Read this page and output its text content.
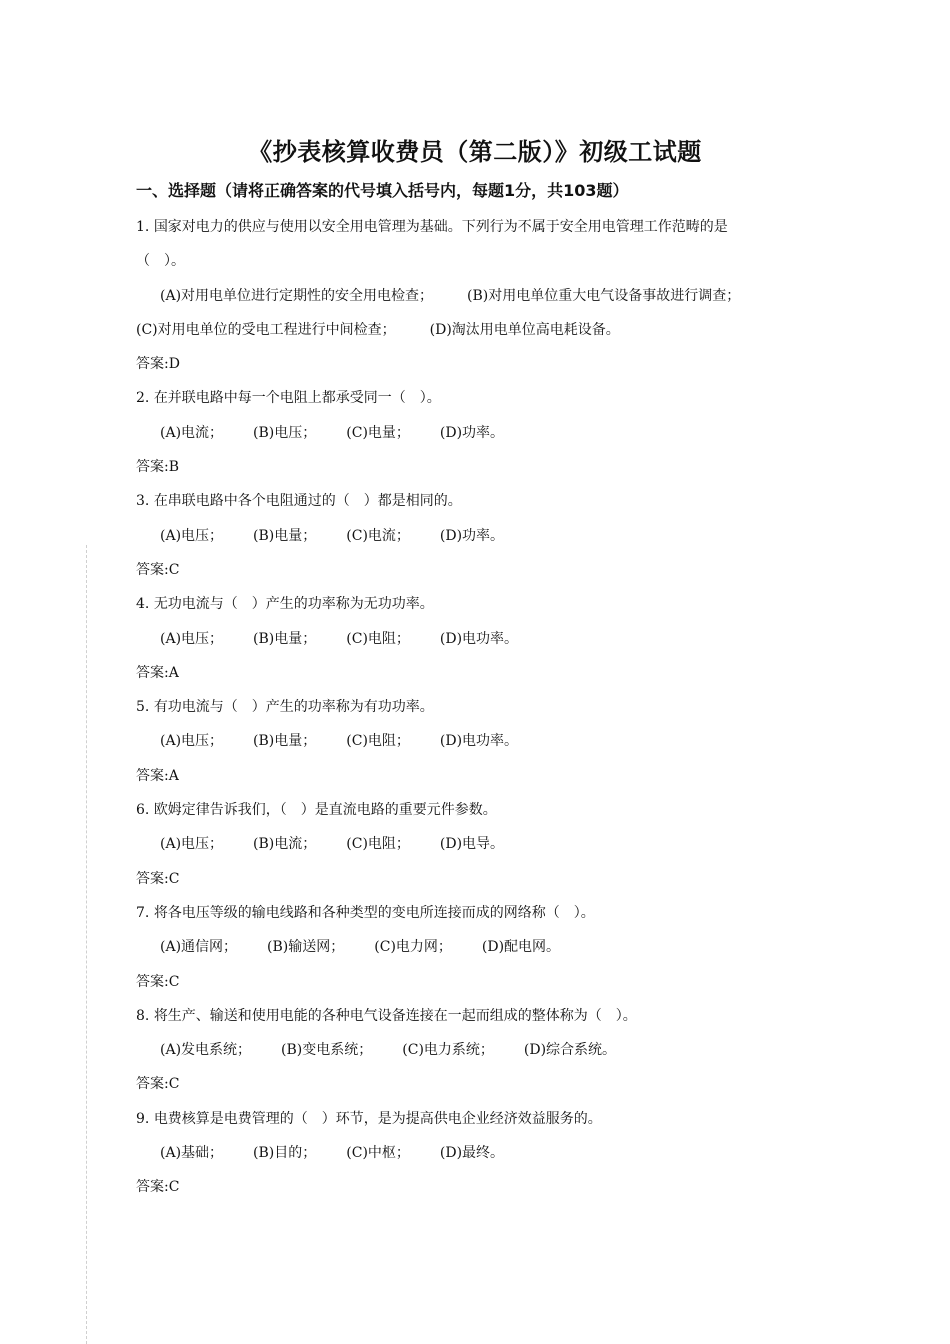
《抄表核算收费员（第二版）》初级工试题
一、选择题（请将正确答案的代号填入括号内，每题1分，共103题）
1. 国家对电力的供应与使用以安全用电管理为基础。下列行为不属于安全用电管理工作范畴的是
（　）。
(A)对用电单位进行定期性的安全用电检查； (B)对用电单位重大电气设备事故进行调查；
(C)对用电单位的受电工程进行中间检查； (D)淘汰用电单位高电耗设备。
答案:D
2. 在并联电路中每一个电阻上都承受同一（　）。
(A)电流； (B)电压； (C)电量； (D)功率。
答案:B
3. 在串联电路中各个电阻通过的（　）都是相同的。
(A)电压； (B)电量； (C)电流； (D)功率。
答案:C
4. 无功电流与（　）产生的功率称为无功功率。
(A)电压； (B)电量； (C)电阻； (D)电功率。
答案:A
5. 有功电流与（　）产生的功率称为有功功率。
(A)电压； (B)电量； (C)电阻； (D)电功率。
答案:A
6. 欧姆定律告诉我们，（　）是直流电路的重要元件参数。
(A)电压； (B)电流； (C)电阻； (D)电导。
答案:C
7. 将各电压等级的输电线路和各种类型的变电所连接而成的网络称（　）。
(A)通信网； (B)输送网； (C)电力网； (D)配电网。
答案:C
8. 将生产、输送和使用电能的各种电气设备连接在一起而组成的整体称为（　）。
(A)发电系统； (B)变电系统； (C)电力系统； (D)综合系统。
答案:C
9. 电费核算是电费管理的（　）环节，是为提高供电企业经济效益服务的。
(A)基础； (B)目的； (C)中枢； (D)最终。
答案:C
